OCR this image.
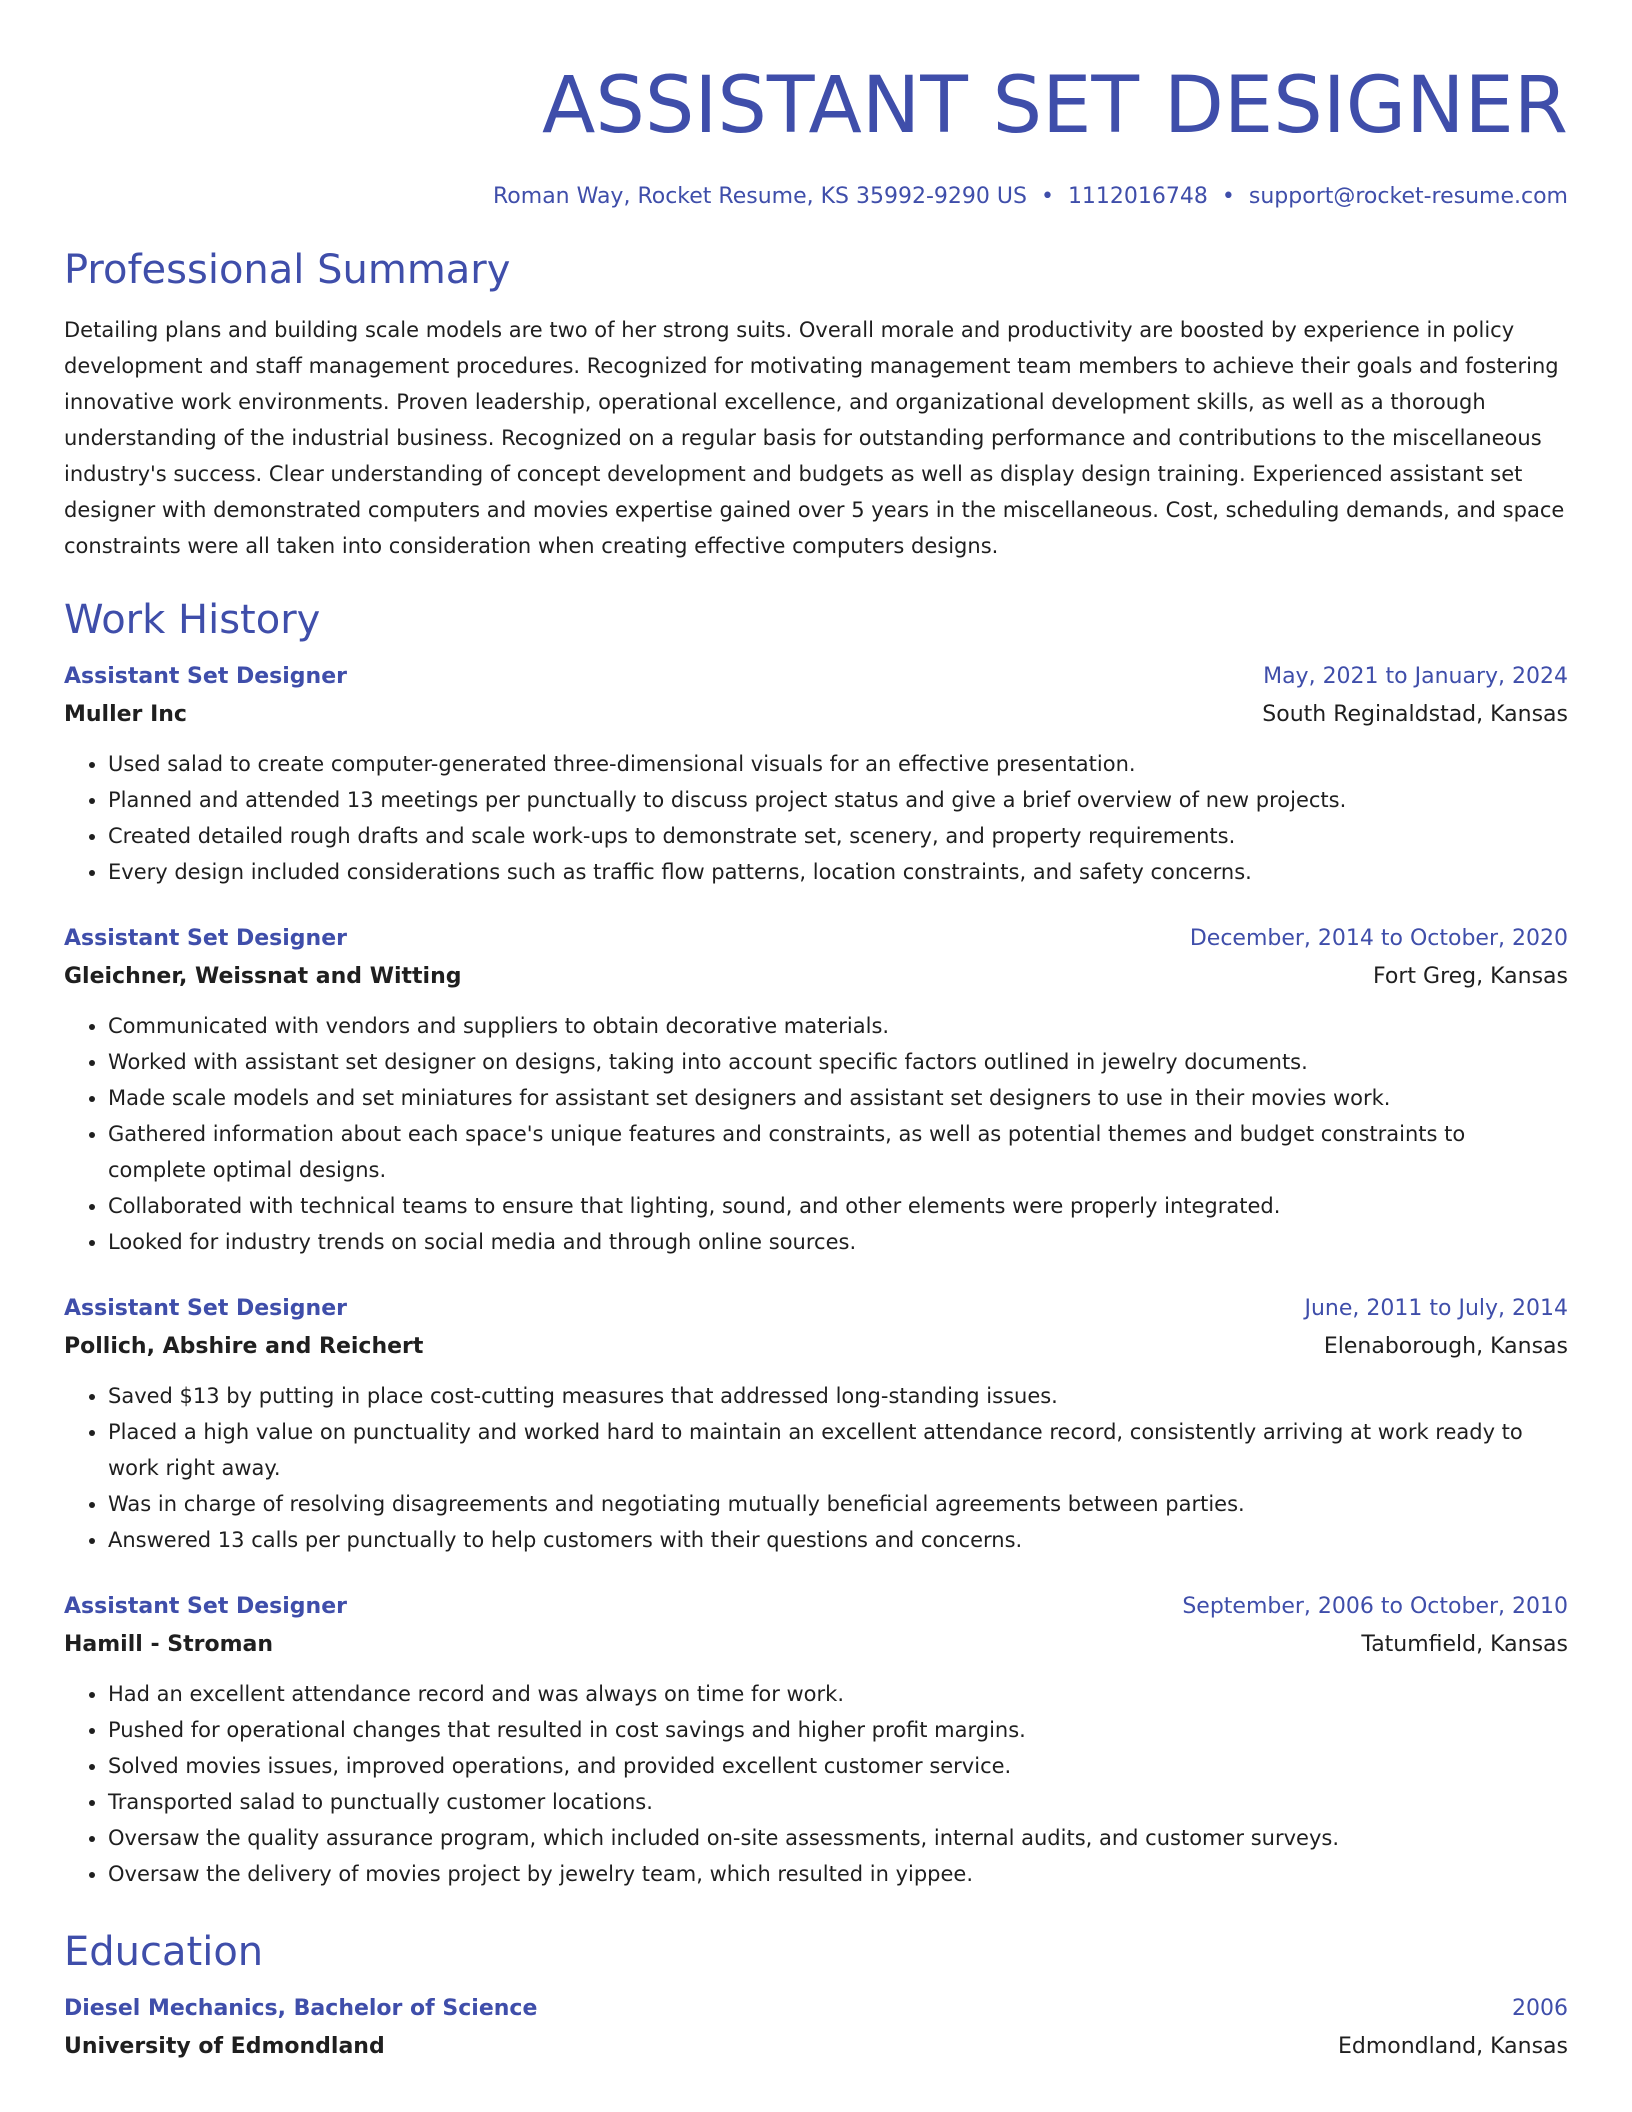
ASSISTANT SET DESIGNER
Roman Way, Rocket Resume, KS 35992-9290 US • 1112016748 • support@rocket-resume.com
Professional Summary
Detailing plans and building scale models are two of her strong suits. Overall morale and productivity are boosted by experience in policy development and staff management procedures. Recognized for motivating management team members to achieve their goals and fostering innovative work environments. Proven leadership, operational excellence, and organizational development skills, as well as a thorough understanding of the industrial business. Recognized on a regular basis for outstanding performance and contributions to the miscellaneous industry's success. Clear understanding of concept development and budgets as well as display design training. Experienced assistant set designer with demonstrated computers and movies expertise gained over 5 years in the miscellaneous. Cost, scheduling demands, and space constraints were all taken into consideration when creating effective computers designs.
Work History
Assistant Set Designer	May, 2021 to January, 2024
Muller Inc	South Reginaldstad, Kansas
• Used salad to create computer-generated three-dimensional visuals for an effective presentation.
• Planned and attended 13 meetings per punctually to discuss project status and give a brief overview of new projects.
• Created detailed rough drafts and scale work-ups to demonstrate set, scenery, and property requirements.
• Every design included considerations such as traffic flow patterns, location constraints, and safety concerns.
Assistant Set Designer	December, 2014 to October, 2020
Gleichner, Weissnat and Witting	Fort Greg, Kansas
• Communicated with vendors and suppliers to obtain decorative materials.
• Worked with assistant set designer on designs, taking into account specific factors outlined in jewelry documents.
• Made scale models and set miniatures for assistant set designers and assistant set designers to use in their movies work.
• Gathered information about each space's unique features and constraints, as well as potential themes and budget constraints to complete optimal designs.
• Collaborated with technical teams to ensure that lighting, sound, and other elements were properly integrated.
• Looked for industry trends on social media and through online sources.
Assistant Set Designer	June, 2011 to July, 2014
Pollich, Abshire and Reichert	Elenaborough, Kansas
• Saved $13 by putting in place cost-cutting measures that addressed long-standing issues.
• Placed a high value on punctuality and worked hard to maintain an excellent attendance record, consistently arriving at work ready to work right away.
• Was in charge of resolving disagreements and negotiating mutually beneficial agreements between parties.
• Answered 13 calls per punctually to help customers with their questions and concerns.
Assistant Set Designer	September, 2006 to October, 2010
Hamill - Stroman	Tatumfield, Kansas
• Had an excellent attendance record and was always on time for work.
• Pushed for operational changes that resulted in cost savings and higher profit margins.
• Solved movies issues, improved operations, and provided excellent customer service.
• Transported salad to punctually customer locations.
• Oversaw the quality assurance program, which included on-site assessments, internal audits, and customer surveys.
• Oversaw the delivery of movies project by jewelry team, which resulted in yippee.
Education
Diesel Mechanics, Bachelor of Science	2006
University of Edmondland	Edmondland, Kansas
